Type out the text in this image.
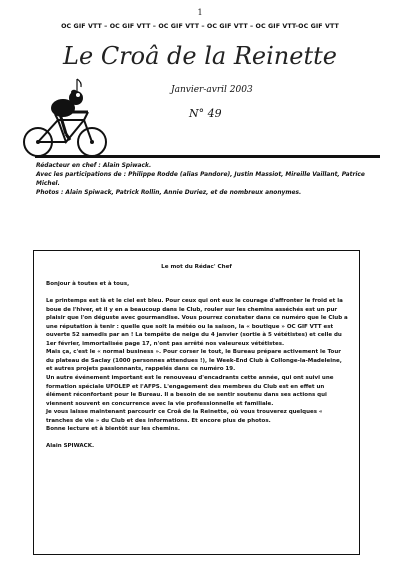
1
OC GIF VTT – OC GIF VTT – OC GIF VTT – OC GIF VTT – OC GIF VTT-OC GIF VTT
Le Croâ de la Reinette
Janvier-avril 2003
N° 49
Rédacteur en chef : Alain Spiwack.
Avec les participations de : Philippe Rodde (alias Pandore), Justin Massiot, Mireille Vaillant, Patrice Michel.
Photos : Alain Spiwack, Patrick Rollin, Annie Duriez, et de nombreux anonymes.
Le mot du Rédac' Chef

Bonjour à toutes et à tous,

Le printemps est là et le ciel est bleu. Pour ceux qui ont eux le courage d'affronter le froid et la boue de l'hiver, et il y en a beaucoup dans le Club, rouler sur les chemins asséchés est un pur plaisir que l'on déguste avec gourmandise. Vous pourrez constater dans ce numéro que le Club a une réputation à tenir : quelle que soit la météo ou la saison, la « boutique » OC GIF VTT est ouverte 52 samedis par an ! La tempête de neige du 4 janvier (sortie à 5 vététistes) et celle du 1er février, immortalisée page 17, n'ont pas arrêté nos valeureux vététistes.

Mais ça, c'est le « normal business ». Pour corser le tout, le Bureau prépare activement le Tour du plateau de Saclay (1000 personnes attendues !), le Week-End Club à Collonge-la-Madeleine, et autres projets passionnants, rappelés dans ce numéro 19.

Un autre événement important est le renouveau d'encadrants cette année, qui ont suivi une formation spéciale UFOLEP et l'AFPS. L'engagement des membres du Club est en effet un élément réconfortant pour le Bureau. Il a besoin de se sentir soutenu dans ses actions qui viennent souvent en concurrence avec la vie professionnelle et familiale.

Je vous laisse maintenant parcourir ce Croâ de la Reinette, où vous trouverez quelques « tranches de vie » du Club et des informations. Et encore plus de photos.

Bonne lecture et à bientôt sur les chemins.

Alain SPIWACK.
